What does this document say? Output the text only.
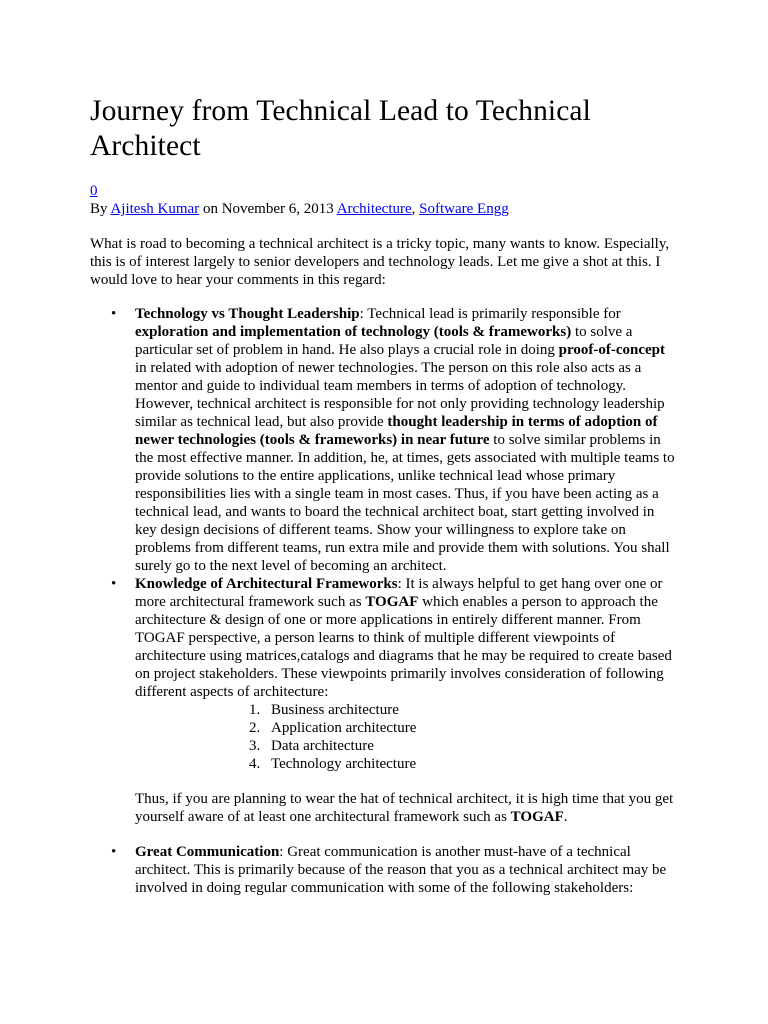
Journey from Technical Lead to Technical Architect
0
By Ajitesh Kumar on November 6, 2013 Architecture, Software Engg
What is road to becoming a technical architect is a tricky topic, many wants to know. Especially, this is of interest largely to senior developers and technology leads. Let me give a shot at this. I would love to hear your comments in this regard:
• Technology vs Thought Leadership: Technical lead is primarily responsible for exploration and implementation of technology (tools & frameworks) to solve a particular set of problem in hand. He also plays a crucial role in doing proof-of-concept in related with adoption of newer technologies. The person on this role also acts as a mentor and guide to individual team members in terms of adoption of technology. However, technical architect is responsible for not only providing technology leadership similar as technical lead, but also provide thought leadership in terms of adoption of newer technologies (tools & frameworks) in near future to solve similar problems in the most effective manner. In addition, he, at times, gets associated with multiple teams to provide solutions to the entire applications, unlike technical lead whose primary responsibilities lies with a single team in most cases. Thus, if you have been acting as a technical lead, and wants to board the technical architect boat, start getting involved in key design decisions of different teams. Show your willingness to explore take on problems from different teams, run extra mile and provide them with solutions. You shall surely go to the next level of becoming an architect.
• Knowledge of Architectural Frameworks: It is always helpful to get hang over one or more architectural framework such as TOGAF which enables a person to approach the architecture & design of one or more applications in entirely different manner. From TOGAF perspective, a person learns to think of multiple different viewpoints of architecture using matrices,catalogs and diagrams that he may be required to create based on project stakeholders. These viewpoints primarily involves consideration of following different aspects of architecture:
1. Business architecture
2. Application architecture
3. Data architecture
4. Technology architecture
Thus, if you are planning to wear the hat of technical architect, it is high time that you get yourself aware of at least one architectural framework such as TOGAF.
• Great Communication: Great communication is another must-have of a technical architect. This is primarily because of the reason that you as a technical architect may be involved in doing regular communication with some of the following stakeholders:
